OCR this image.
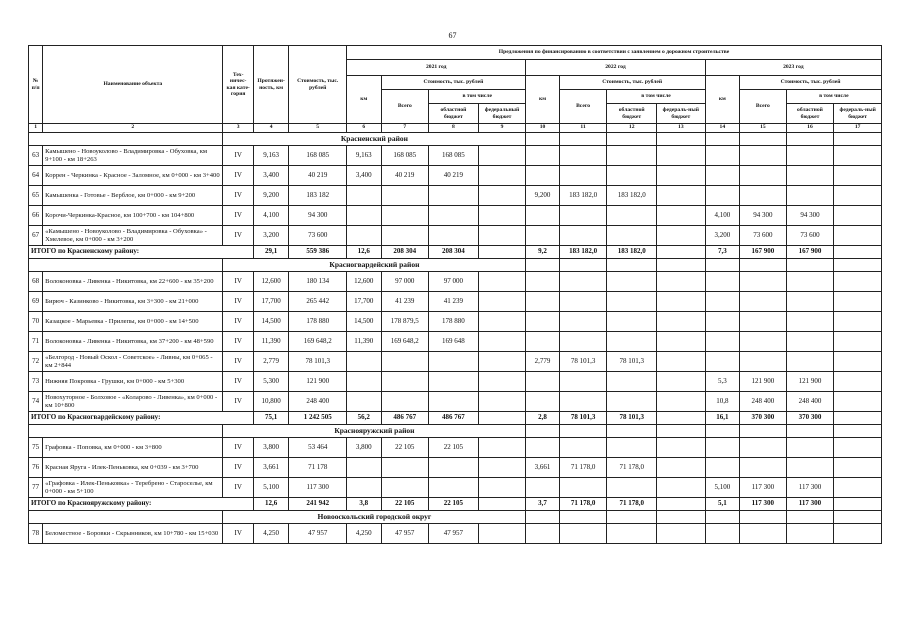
67
№ п/п	Наименование объекта	Тех-ничес-кая кате-гория	Протяжен-ность, км	Стоимость, тыс. рублей	Предложения по финансированию в соответствии с заявлением о дорожном строительстве											
					2021 год				2022 год				2023 год			
					км	Стоимость, тыс. рублей			км	Стоимость, тыс. рублей			км	Стоимость, тыс. рублей		
						Всего	в том числе			Всего	в том числе			Всего	в том числе	
							областной бюджет	федеральный бюджет			областной бюджет	федераль-ный бюджет			областной бюджет	федераль-ный бюджет
1	2	3	4	5	6	7	8	9	10	11	12	13	14	15	16	17
		Красненский район														
63	Камышено - Новоуколово - Владимировка - Обуховка, км 9+100 - км 18+263	IV	9,163	168 085	9,163	168 085	168 085									
64	Коррен - Черкинка - Красное - Заломное, км 0+000 - км 3+400	IV	3,400	40 219	3,400	40 219	40 219									
65	Камышенка - Готовье - Верблое, км 0+000 - км 9+200	IV	9,200	183 182					9,200	183 182,0	183 182,0					
66	Корочи-Черкинка-Красное, км 100+700 - км 104+800	IV	4,100	94 300									4,100	94 300	94 300	
67	«Камышено - Новоуколово - Владимировка - Обуховка» - Хмелевое, км 0+000 - км 3+200	IV	3,200	73 600									3,200	73 600	73 600	
ИТОГО по Красненскому району:			29,1	559 386	12,6	208 304	208 304		9,2	183 182,0	183 182,0		7,3	167 900	167 900	
		Красногвардейский район														
68	Волоконовка - Ливенка - Никитовка, км 22+600 - км 35+200	IV	12,600	180 134	12,600	97 000	97 000									
69	Бирюч - Казинково - Никитовка, км 3+300 - км 21+000	IV	17,700	265 442	17,700	41 239	41 239									
70	Казацкое - Марьевка - Прилепы, км 0+000 - км 14+500	IV	14,500	178 880	14,500	178 879,5	178 880									
71	Волоконовка - Ливенка - Никитовка, км 37+200 - км 48+590	IV	11,390	169 648,2	11,390	169 648,2	169 648									
72	«Белгород - Новый Оскол - Советское» - Ливны, км 0+065 - км 2+844	IV	2,779	78 101,3					2,779	78 101,3	78 101,3					
73	Нижняя Покровка - Грушки, км 0+000 - км 5+300	IV	5,300	121 900									5,3	121 900	121 900	
74	Новохуторное - Болховое - «Коларово - Ливенка», км 0+000 - км 10+800	IV	10,800	248 400									10,8	248 400	248 400	
ИТОГО по Красногвардейскому району:			75,1	1 242 505	56,2	486 767	486 767		2,8	78 101,3	78 101,3		16,1	370 300	370 300	
		Краснояружский район														
75	Графовка - Поповка, км 0+000 - км 3+800	IV	3,800	53 464	3,800	22 105	22 105									
76	Красная Яруга - Илек-Пеньковка, км 0+039 - км 3+700	IV	3,661	71 178					3,661	71 178,0	71 178,0					
77	«Графовка - Илек-Пеньковка» - Теребрено - Староселье, км 0+000 - км 5+100	IV	5,100	117 300									5,100	117 300	117 300	
ИТОГО по Краснояружскому району:			12,6	241 942	3,8	22 105	22 105		3,7	71 178,0	71 178,0		5,1	117 300	117 300	
		Новооскольский городской округ														
78	Беломестное - Боровки - Скрынников, км 10+780 - км 15+030	IV	4,250	47 957	4,250	47 957	47 957									
